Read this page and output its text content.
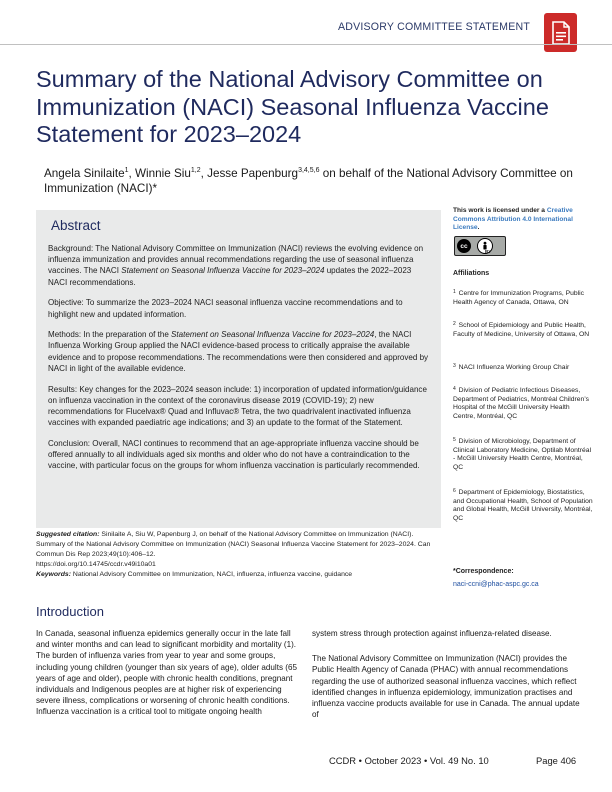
ADVISORY COMMITTEE STATEMENT
Summary of the National Advisory Committee on Immunization (NACI) Seasonal Influenza Vaccine Statement for 2023–2024
Angela Sinilaite$^1$, Winnie Siu$^{1,2}$, Jesse Papenburg$^{3,4,5,6}$ on behalf of the National Advisory Committee on Immunization (NACI)*
Abstract

Background: The National Advisory Committee on Immunization (NACI) reviews the evolving evidence on influenza immunization and provides annual recommendations regarding the use of seasonal influenza vaccines. The NACI Statement on Seasonal Influenza Vaccine for 2023–2024 updates the 2022–2023 NACI recommendations.

Objective: To summarize the 2023–2024 NACI seasonal influenza vaccine recommendations and to highlight new and updated information.

Methods: In the preparation of the Statement on Seasonal Influenza Vaccine for 2023–2024, the NACI Influenza Working Group applied the NACI evidence-based process to critically appraise the available evidence and to propose recommendations. The recommendations were then considered and approved by NACI in light of the available evidence.

Results: Key changes for the 2023–2024 season include: 1) incorporation of updated information/guidance on influenza vaccination in the context of the coronavirus disease 2019 (COVID-19); 2) new recommendations for Flucelvax® Quad and Influvac® Tetra, the two quadrivalent inactivated influenza vaccines with expanded paediatric age indications; and 3) an update to the format of the Statement.

Conclusion: Overall, NACI continues to recommend that an age-appropriate influenza vaccine should be offered annually to all individuals aged six months and older who do not have a contraindication to the vaccine, with particular focus on the groups for whom influenza vaccination is particularly recommended.

Suggested citation: Sinilaite A, Siu W, Papenburg J, on behalf of the National Advisory Committee on Immunization (NACI). Summary of the National Advisory Committee on Immunization (NACI) Seasonal Influenza Vaccine Statement for 2023–2024. Can Commun Dis Rep 2023;49(10):406–12.
https://doi.org/10.14745/ccdr.v49i10a01
Keywords: National Advisory Committee on Immunization, NACI, influenza, influenza vaccine, guidance
This work is licensed under a Creative Commons Attribution 4.0 International License.
cc
BY
Affiliations
$^1$ Centre for Immunization Programs, Public Health Agency of Canada, Ottawa, ON
$^2$ School of Epidemiology and Public Health, Faculty of Medicine, University of Ottawa, ON
$^3$ NACI Influenza Working Group Chair
$^4$ Division of Pediatric Infectious Diseases, Department of Pediatrics, Montréal Children’s Hospital of the McGill University Health Centre, Montréal, QC
$^5$ Division of Microbiology, Department of Clinical Laboratory Medicine, Optilab Montréal - McGill University Health Centre, Montréal, QC
$^6$ Department of Epidemiology, Biostatistics, and Occupational Health, School of Population and Global Health, McGill University, Montréal, QC
*Correspondence:
naci-ccni@phac-aspc.gc.ca
Introduction

In Canada, seasonal influenza epidemics generally occur in the late fall and winter months and can lead to significant morbidity and mortality (1). The burden of influenza varies from year to year and some groups, including young children (younger than six years of age), older adults (65 years of age and older), people with chronic health conditions, pregnant individuals and Indigenous peoples are at higher risk of experiencing severe illness, complications or worsening of chronic health conditions. Influenza vaccination is a critical tool to mitigate ongoing health

system stress through protection against influenza-related disease.

The National Advisory Committee on Immunization (NACI) provides the Public Health Agency of Canada (PHAC) with annual recommendations regarding the use of authorized seasonal influenza vaccines, which reflect identified changes in influenza epidemiology, immunization practises and influenza vaccine products available for use in Canada. The annual update of

CCDR • October 2023 • Vol. 49 No. 10	Page 406
